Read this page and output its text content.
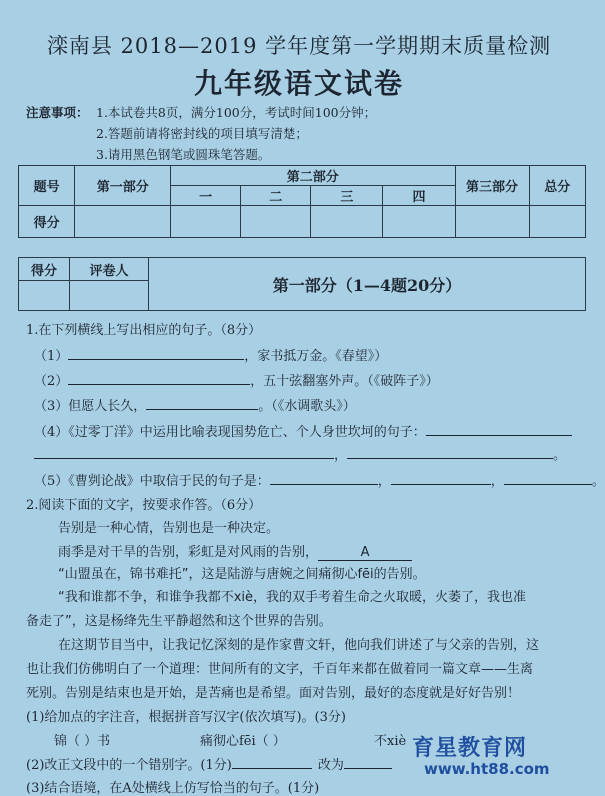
滦南县 2018—2019 学年度第一学期期末质量检测
九年级语文试卷
注意事项： 1.本试卷共8页，满分100分，考试时间100分钟；
2.答题前请将密封线的项目填写清楚；
3.请用黑色钢笔或圆珠笔答题。
题号	第一部分	第二部分				第三部分	总分
		一	二	三	四		
得分							
得分	评卷人	第一部分（1—4题20分）

1.在下列横线上写出相应的句子。（8分）
（1）	，家书抵万金。《春望》）
（2）	，五十弦翻塞外声。（《破阵子》）
（3）但愿人长久，	。（《水调歌头》）
（4）《过零丁洋》中运用比喻表现国势危亡、个人身世坎坷的句子：
，	。
（5）《曹刿论战》中取信于民的句子是：	，	，	。
2.阅读下面的文字，按要求作答。（6分）
告别是一种心情，告别也是一种决定。
雨季是对干旱的告别，彩虹是对风雨的告别，	A
“山盟虽在，锦书难托”，这是陆游与唐婉之间痛彻心fēi的告别。
“我和谁都不争，和谁争我都不xiè，我的双手考着生命之火取暖，火萎了，我也准
备走了”，这是杨绛先生平静超然和这个世界的告别。
在这期节目当中，让我记忆深刻的是作家曹文轩，他向我们讲述了与父亲的告别，这
也让我们仿佛明白了一个道理：世间所有的文字，千百年来都在做着同一篇文章——生离
死别。告别是结束也是开始，是苦痛也是希望。面对告别，最好的态度就是好好告别！
(1)给加点的字注音，根据拼音写汉字(依次填写)。(3分)
锦（ ）书	痛彻心fēi（ ）	不xiè
(2)改正文段中的一个错别字。(1分)	改为
(3)结合语境，在A处横线上仿写恰当的句子。(1分)
育星教育网
www.ht88.com
